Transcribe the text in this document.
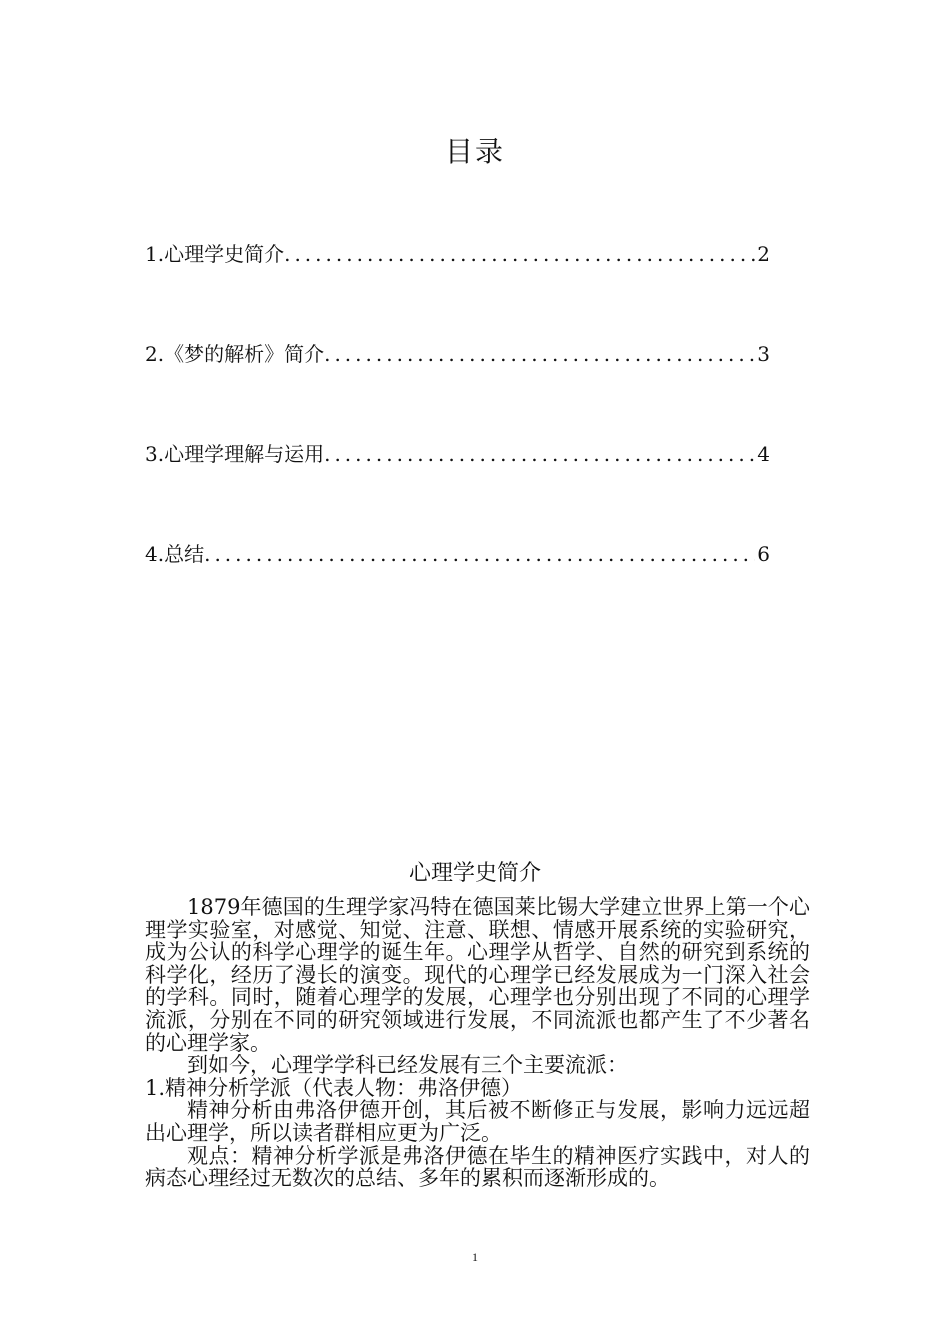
目录
1.心理学史简介 .....	2
2.《梦的解析》简介 .....	3
3.心理学理解与运用 .....	4
4.总结 .....	6
心理学史简介

1879年德国的生理学家冯特在德国莱比锡大学建立世界上第一个心理学实验室，对感觉、知觉、注意、联想、情感开展系统的实验研究，成为公认的科学心理学的诞生年。心理学从哲学、自然的研究到系统的科学化，经历了漫长的演变。现代的心理学已经发展成为一门深入社会的学科。同时，随着心理学的发展，心理学也分别出现了不同的心理学流派，分别在不同的研究领域进行发展，不同流派也都产生了不少著名的心理学家。

到如今，心理学学科已经发展有三个主要流派：

1.精神分析学派（代表人物：弗洛伊德）

精神分析由弗洛伊德开创，其后被不断修正与发展，影响力远远超出心理学，所以读者群相应更为广泛。

观点：精神分析学派是弗洛伊德在毕生的精神医疗实践中，对人的病态心理经过无数次的总结、多年的累积而逐渐形成的。

1
